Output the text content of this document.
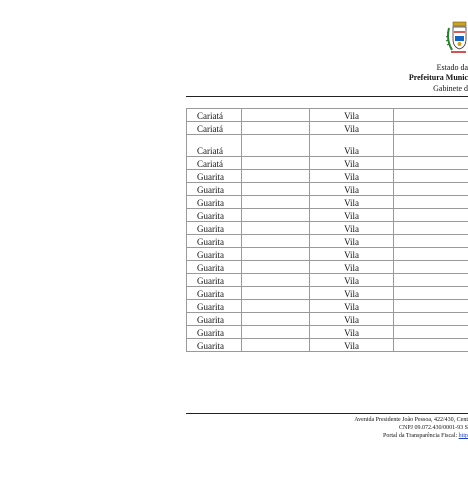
Estado da
Prefeitura Munic
Gabinete d
Cariatá		Vila	
Cariatá		Vila	
Cariatá		Vila	
Cariatá		Vila	
Guarita		Vila	
Guarita		Vila	
Guarita		Vila	
Guarita		Vila	
Guarita		Vila	
Guarita		Vila	
Guarita		Vila	
Guarita		Vila	
Guarita		Vila	
Guarita		Vila	
Guarita		Vila	
Guarita		Vila	
Guarita		Vila	
Guarita		Vila	
Avenida Presidente João Pessoa, 422/430, Cent
CNPJ 09.072.430/0001-93 S
Portal da Transparência Fiscal: http
